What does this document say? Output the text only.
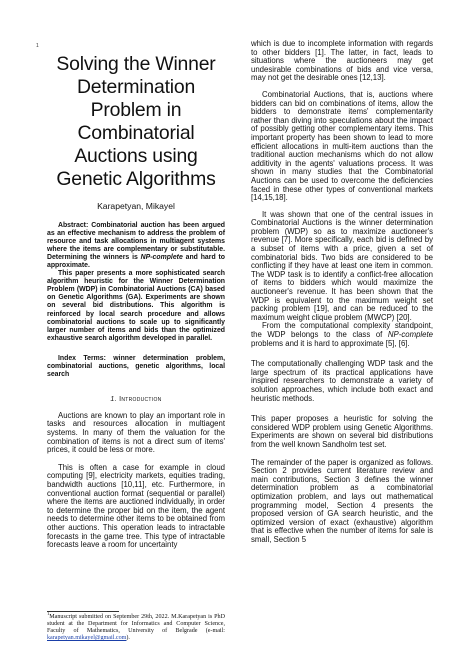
1
Solving the Winner Determination Problem in Combinatorial Auctions using Genetic Algorithms
Karapetyan, Mikayel

Abstract: Combinatorial auction has been argued as an effective mechanism to address the problem of resource and task allocations in multiagent systems where the items are complementary or substitutable. Determining the winners is NP-complete and hard to approximate.

This paper presents a more sophisticated search algorithm heuristic for the Winner Determination Problem (WDP) in Combinatorial Auctions (CA) based on Genetic Algorithms (GA). Experiments are shown on several bid distributions. This algorithm is reinforced by local search procedure and allows combinatorial auctions to scale up to significantly larger number of items and bids than the optimized exhaustive search algorithm developed in parallel.

Index Terms: winner determination problem, combinatorial auctions, genetic algorithms, local search
1. Introduction

Auctions are known to play an important role in tasks and resources allocation in multiagent systems. In many of them the valuation for the combination of items is not a direct sum of items' prices, it could be less or more.

This is often a case for example in cloud computing [9], electricity markets, equities trading, bandwidth auctions [10,11], etc. Furthermore, in conventional auction format (sequential or parallel) where the items are auctioned individually, in order to determine the proper bid on the item, the agent needs to determine other items to be obtained from other auctions. This operation leads to intractable forecasts in the game tree. This type of intractable forecasts leave a room for uncertainty

$^1$Manuscript submitted on September 29th, 2022. M.Karapetyan is PhD student at the Department for Informatics and Computer Science, Faculty of Mathematics, University of Belgrade (e-mail: karapetyan.mikayel@gmail.com).

which is due to incomplete information with regards to other bidders [1]. The latter, in fact, leads to situations where the auctioneers may get undesirable combinations of bids and vice versa, may not get the desirable ones [12,13].

Combinatorial Auctions, that is, auctions where bidders can bid on combinations of items, allow the bidders to demonstrate items' complementarity rather than diving into speculations about the impact of possibly getting other complementary items. This important property has been shown to lead to more efficient allocations in multi-item auctions than the traditional auction mechanisms which do not allow additivity in the agents' valuations process. It was shown in many studies that the Combinatorial Auctions can be used to overcome the deficiencies faced in these other types of conventional markets [14,15,18].

It was shown that one of the central issues in Combinatorial Auctions is the winner determination problem (WDP) so as to maximize auctioneer's revenue [7]. More specifically, each bid is defined by a subset of items with a price, given a set of combinatorial bids. Two bids are considered to be conflicting if they have at least one item in common. The WDP task is to identify a conflict-free allocation of items to bidders which would maximize the auctioneer's revenue. It has been shown that the WDP is equivalent to the maximum weight set packing problem [19], and can be reduced to the maximum weight clique problem (MWCP) [20].

From the computational complexity standpoint, the WDP belongs to the class of NP-complete problems and it is hard to approximate [5], [6].

The computationally challenging WDP task and the large spectrum of its practical applications have inspired researchers to demonstrate a variety of solution approaches, which include both exact and heuristic methods.

This paper proposes a heuristic for solving the considered WDP problem using Genetic Algorithms. Experiments are shown on several bid distributions from the well known Sandholm test set.

The remainder of the paper is organized as follows. Section 2 provides current literature review and main contributions, Section 3 defines the winner determination problem as a combinatorial optimization problem, and lays out mathematical programming model, Section 4 presents the proposed version of GA search heuristic, and the optimized version of exact (exhaustive) algorithm that is effective when the number of items for sale is small, Section 5
